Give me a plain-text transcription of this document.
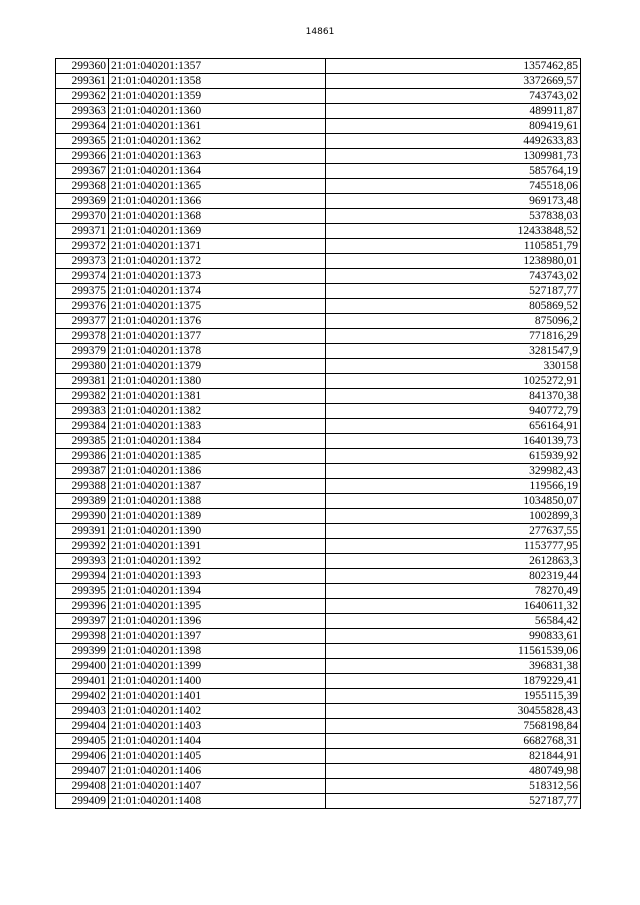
14861
299360	21:01:040201:1357	1357462,85
299361	21:01:040201:1358	3372669,57
299362	21:01:040201:1359	743743,02
299363	21:01:040201:1360	489911,87
299364	21:01:040201:1361	809419,61
299365	21:01:040201:1362	4492633,83
299366	21:01:040201:1363	1309981,73
299367	21:01:040201:1364	585764,19
299368	21:01:040201:1365	745518,06
299369	21:01:040201:1366	969173,48
299370	21:01:040201:1368	537838,03
299371	21:01:040201:1369	12433848,52
299372	21:01:040201:1371	1105851,79
299373	21:01:040201:1372	1238980,01
299374	21:01:040201:1373	743743,02
299375	21:01:040201:1374	527187,77
299376	21:01:040201:1375	805869,52
299377	21:01:040201:1376	875096,2
299378	21:01:040201:1377	771816,29
299379	21:01:040201:1378	3281547,9
299380	21:01:040201:1379	330158
299381	21:01:040201:1380	1025272,91
299382	21:01:040201:1381	841370,38
299383	21:01:040201:1382	940772,79
299384	21:01:040201:1383	656164,91
299385	21:01:040201:1384	1640139,73
299386	21:01:040201:1385	615939,92
299387	21:01:040201:1386	329982,43
299388	21:01:040201:1387	119566,19
299389	21:01:040201:1388	1034850,07
299390	21:01:040201:1389	1002899,3
299391	21:01:040201:1390	277637,55
299392	21:01:040201:1391	1153777,95
299393	21:01:040201:1392	2612863,3
299394	21:01:040201:1393	802319,44
299395	21:01:040201:1394	78270,49
299396	21:01:040201:1395	1640611,32
299397	21:01:040201:1396	56584,42
299398	21:01:040201:1397	990833,61
299399	21:01:040201:1398	11561539,06
299400	21:01:040201:1399	396831,38
299401	21:01:040201:1400	1879229,41
299402	21:01:040201:1401	1955115,39
299403	21:01:040201:1402	30455828,43
299404	21:01:040201:1403	7568198,84
299405	21:01:040201:1404	6682768,31
299406	21:01:040201:1405	821844,91
299407	21:01:040201:1406	480749,98
299408	21:01:040201:1407	518312,56
299409	21:01:040201:1408	527187,77
